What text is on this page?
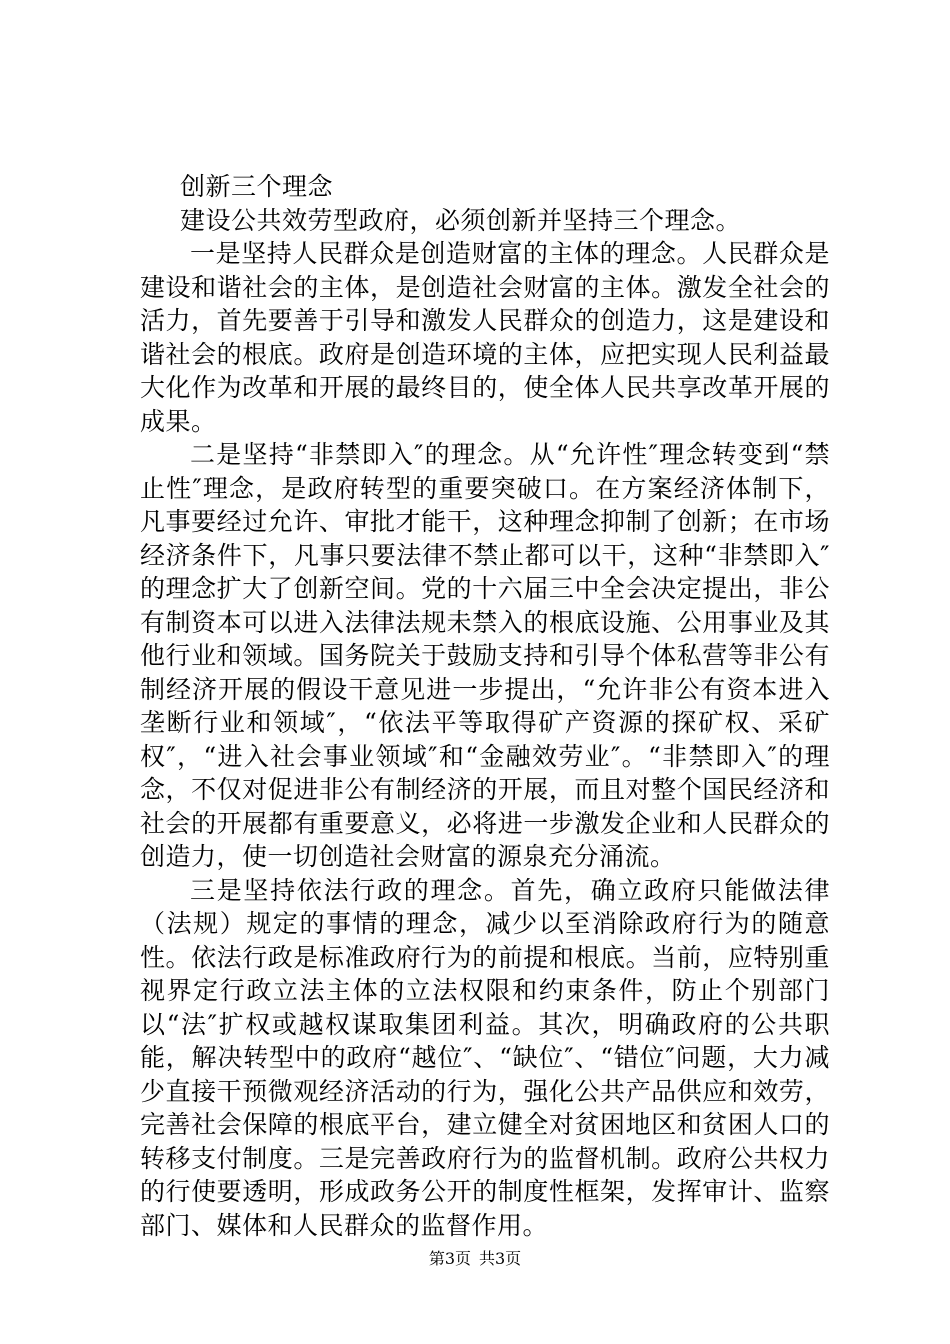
创新三个理念

建设公共效劳型政府，必须创新并坚持三个理念。

一是坚持人民群众是创造财富的主体的理念。人民群众是建设和谐社会的主体，是创造社会财富的主体。激发全社会的活力，首先要善于引导和激发人民群众的创造力，这是建设和谐社会的根底。政府是创造环境的主体，应把实现人民利益最大化作为改革和开展的最终目的，使全体人民共享改革开展的成果。

二是坚持“非禁即入″的理念。从“允许性″理念转变到“禁止性″理念，是政府转型的重要突破口。在方案经济体制下，凡事要经过允许、审批才能干，这种理念抑制了创新；在市场经济条件下，凡事只要法律不禁止都可以干，这种“非禁即入″的理念扩大了创新空间。党的十六届三中全会决定提出，非公有制资本可以进入法律法规未禁入的根底设施、公用事业及其他行业和领域。国务院关于鼓励支持和引导个体私营等非公有制经济开展的假设干意见进一步提出，“允许非公有资本进入垄断行业和领域″，“依法平等取得矿产资源的探矿权、采矿权″，“进入社会事业领域″和“金融效劳业″。“非禁即入″的理念，不仅对促进非公有制经济的开展，而且对整个国民经济和社会的开展都有重要意义，必将进一步激发企业和人民群众的创造力，使一切创造社会财富的源泉充分涌流。

三是坚持依法行政的理念。首先，确立政府只能做法律（法规）规定的事情的理念，减少以至消除政府行为的随意性。依法行政是标准政府行为的前提和根底。当前，应特别重视界定行政立法主体的立法权限和约束条件，防止个别部门以“法″扩权或越权谋取集团利益。其次，明确政府的公共职能，解决转型中的政府“越位″、“缺位″、“错位″问题，大力减少直接干预微观经济活动的行为，强化公共产品供应和效劳，完善社会保障的根底平台，建立健全对贫困地区和贫困人口的转移支付制度。三是完善政府行为的监督机制。政府公共权力的行使要透明，形成政务公开的制度性框架，发挥审计、监察部门、媒体和人民群众的监督作用。

第3页 共3页
